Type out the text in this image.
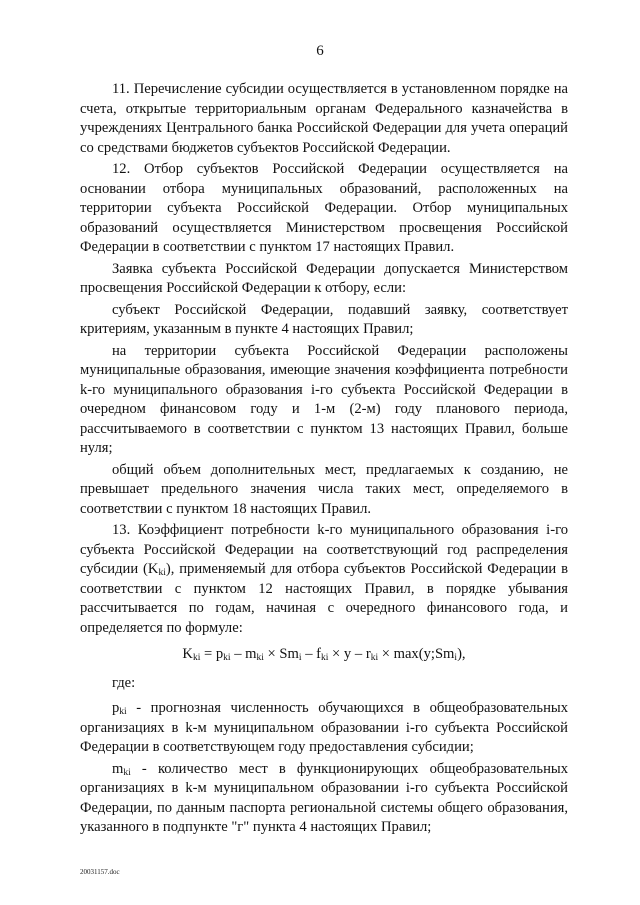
6

11. Перечисление субсидии осуществляется в установленном порядке на счета, открытые территориальным органам Федерального казначейства в учреждениях Центрального банка Российской Федерации для учета операций со средствами бюджетов субъектов Российской Федерации.

12. Отбор субъектов Российской Федерации осуществляется на основании отбора муниципальных образований, расположенных на территории субъекта Российской Федерации. Отбор муниципальных образований осуществляется Министерством просвещения Российской Федерации в соответствии с пунктом 17 настоящих Правил.

Заявка субъекта Российской Федерации допускается Министерством просвещения Российской Федерации к отбору, если:

субъект Российской Федерации, подавший заявку, соответствует критериям, указанным в пункте 4 настоящих Правил;

на территории субъекта Российской Федерации расположены муниципальные образования, имеющие значения коэффициента потребности k-го муниципального образования i-го субъекта Российской Федерации в очередном финансовом году и 1-м (2-м) году планового периода, рассчитываемого в соответствии с пунктом 13 настоящих Правил, больше нуля;

общий объем дополнительных мест, предлагаемых к созданию, не превышает предельного значения числа таких мест, определяемого в соответствии с пунктом 18 настоящих Правил.

13. Коэффициент потребности k-го муниципального образования i-го субъекта Российской Федерации на соответствующий год распределения субсидии $(K_{ki})$, применяемый для отбора субъектов Российской Федерации в соответствии с пунктом 12 настоящих Правил, в порядке убывания рассчитывается по годам, начиная с очередного финансового года, и определяется по формуле:

$K_{ki} = p_{ki} - m_{ki} \times Sm_i - f_{ki} \times y - r_{ki}$ × $\max(y;Sm_i)$,

где:

$p_{ki}$ - прогнозная численность обучающихся в общеобразовательных организациях в k-м муниципальном образовании i-го субъекта Российской Федерации в соответствующем году предоставления субсидии;

$m_{ki}$ - количество мест в функционирующих общеобразовательных организациях в k-м муниципальном образовании i-го субъекта Российской Федерации, по данным паспорта региональной системы общего образования, указанного в подпункте "г" пункта 4 настоящих Правил;

20031157.doc
